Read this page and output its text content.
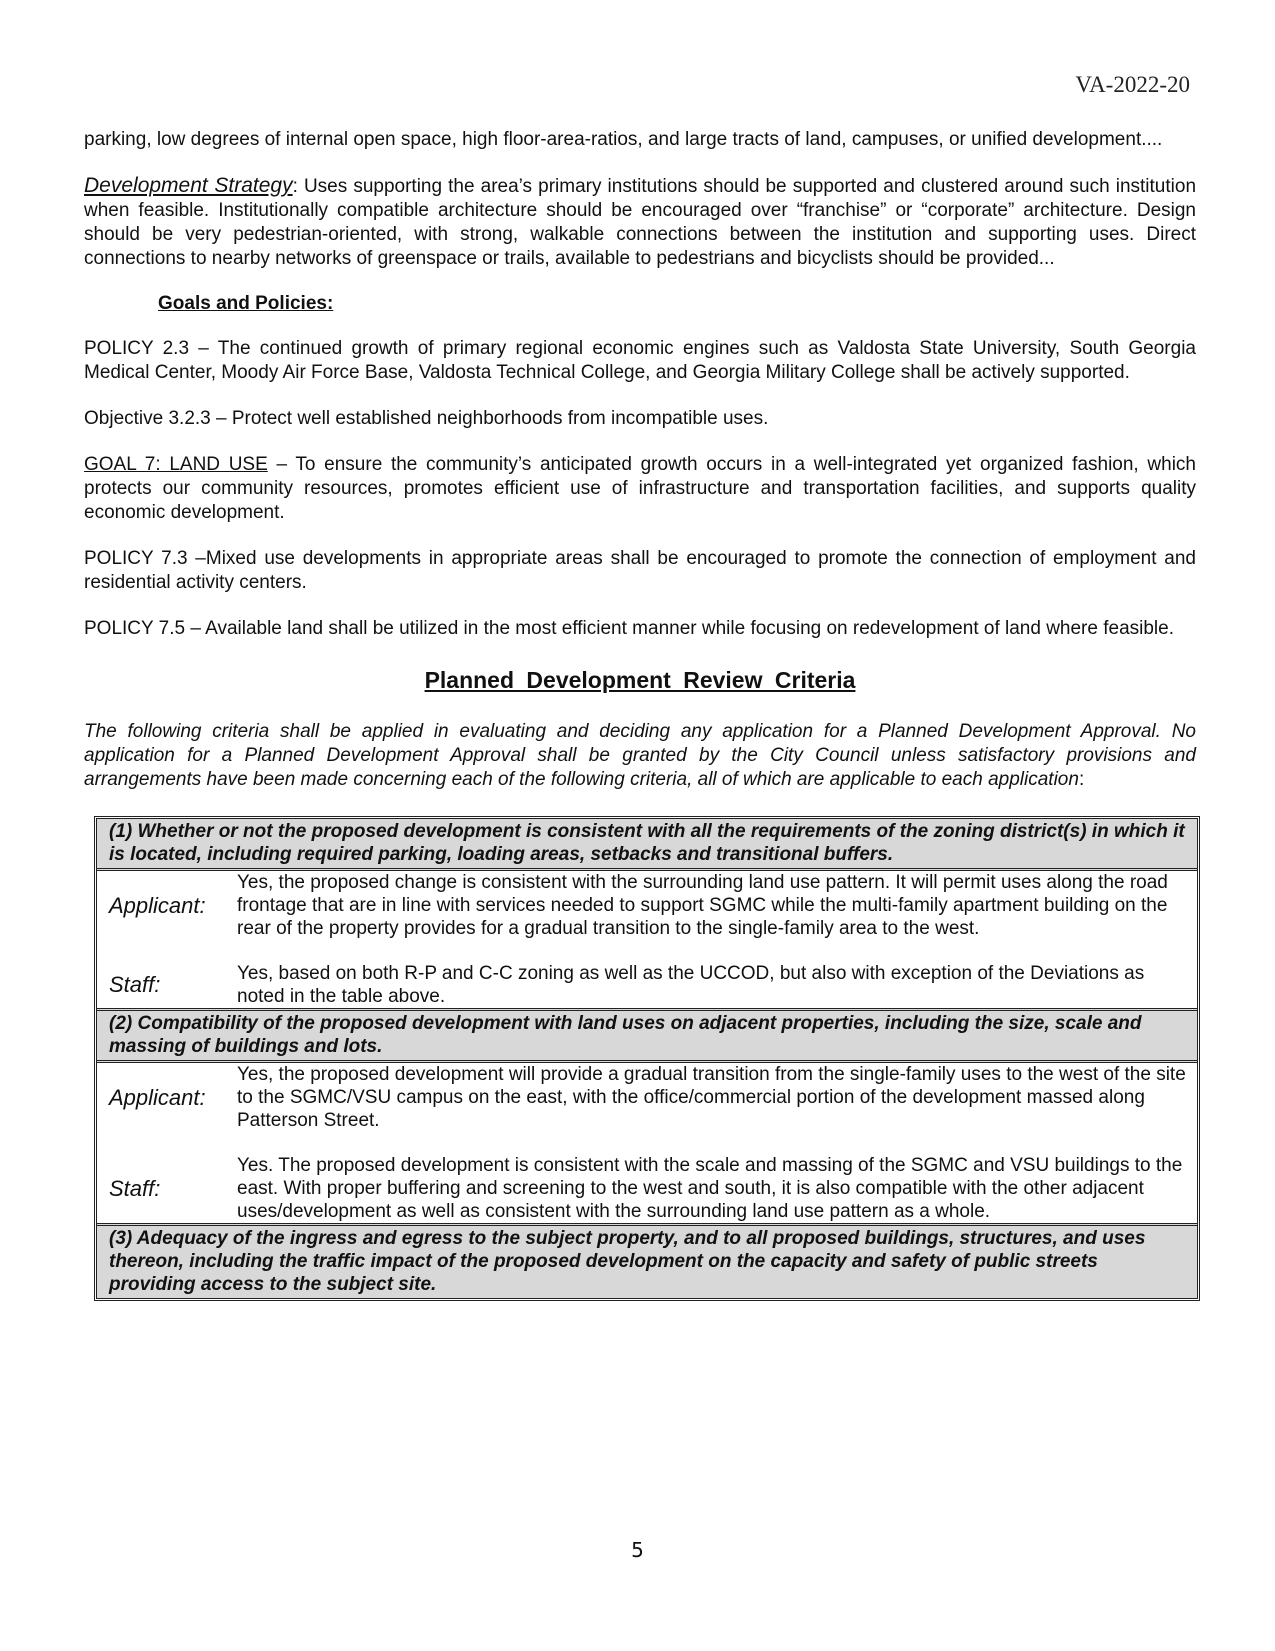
VA-2022-20

parking, low degrees of internal open space, high floor-area-ratios, and large tracts of land, campuses, or unified development....

Development Strategy: Uses supporting the area’s primary institutions should be supported and clustered around such institution when feasible. Institutionally compatible architecture should be encouraged over “franchise” or “corporate” architecture. Design should be very pedestrian-oriented, with strong, walkable connections between the institution and supporting uses. Direct connections to nearby networks of greenspace or trails, available to pedestrians and bicyclists should be provided...

Goals and Policies:

POLICY 2.3 – The continued growth of primary regional economic engines such as Valdosta State University, South Georgia Medical Center, Moody Air Force Base, Valdosta Technical College, and Georgia Military College shall be actively supported.

Objective 3.2.3 – Protect well established neighborhoods from incompatible uses.

GOAL 7: LAND USE – To ensure the community’s anticipated growth occurs in a well-integrated yet organized fashion, which protects our community resources, promotes efficient use of infrastructure and transportation facilities, and supports quality economic development.

POLICY 7.3 –Mixed use developments in appropriate areas shall be encouraged to promote the connection of employment and residential activity centers.

POLICY 7.5 – Available land shall be utilized in the most efficient manner while focusing on redevelopment of land where feasible.

Planned Development Review Criteria

The following criteria shall be applied in evaluating and deciding any application for a Planned Development Approval. No application for a Planned Development Approval shall be granted by the City Council unless satisfactory provisions and arrangements have been made concerning each of the following criteria, all of which are applicable to each application:

(1) Whether or not the proposed development is consistent with all the requirements of the zoning district(s) in which it is located, including required parking, loading areas, setbacks and transitional buffers.
Applicant:
Yes, the proposed change is consistent with the surrounding land use pattern. It will permit uses along the road frontage that are in line with services needed to support SGMC while the multi-family apartment building on the rear of the property provides for a gradual transition to the single-family area to the west.
Staff:	Yes, based on both R-P and C-C zoning as well as the UCCOD, but also with exception of the Deviations as noted in the table above.
(2) Compatibility of the proposed development with land uses on adjacent properties, including the size, scale and massing of buildings and lots.
Applicant:
Yes, the proposed development will provide a gradual transition from the single-family uses to the west of the site to the SGMC/VSU campus on the east, with the office/commercial portion of the development massed along Patterson Street.
Staff:
Yes. The proposed development is consistent with the scale and massing of the SGMC and VSU buildings to the east. With proper buffering and screening to the west and south, it is also compatible with the other adjacent uses/development as well as consistent with the surrounding land use pattern as a whole.
(3) Adequacy of the ingress and egress to the subject property, and to all proposed buildings, structures, and uses thereon, including the traffic impact of the proposed development on the capacity and safety of public streets providing access to the subject site.
5
